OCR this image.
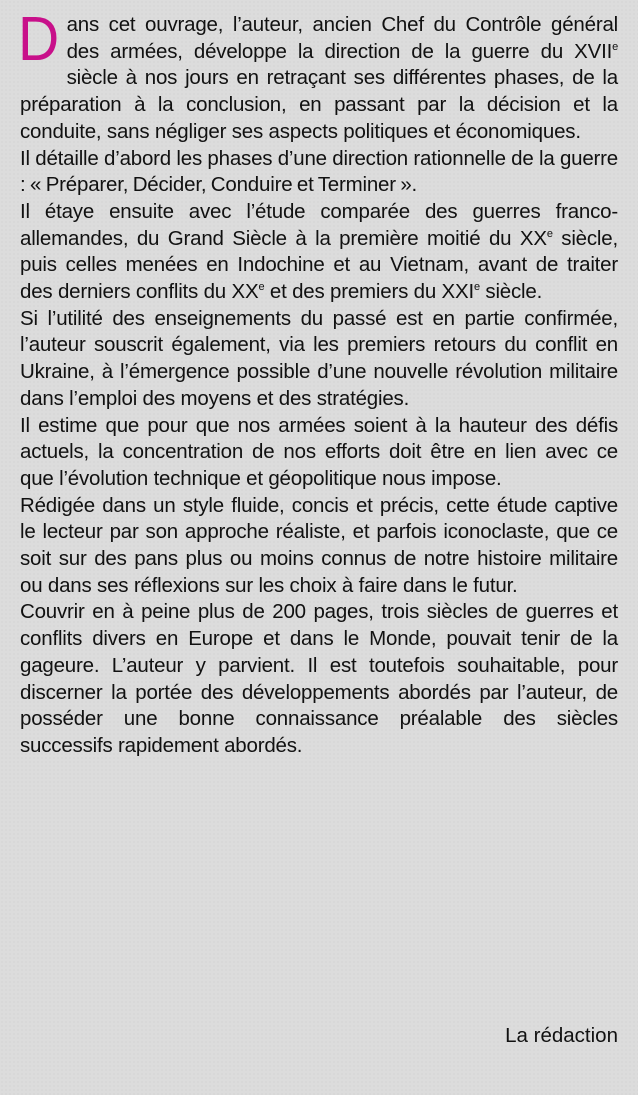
D ans cet ouvrage, l’auteur, ancien Chef du Contrôle général des armées, développe la direction de la guerre du XVIIe siècle à nos jours en retraçant ses différentes phases, de la préparation à la conclusion, en passant par la décision et la conduite, sans négliger ses aspects politiques et économiques.

Il détaille d’abord les phases d’une direction rationnelle de la guerre : « Préparer, Décider, Conduire et Terminer ».

Il étaye ensuite avec l’étude comparée des guerres franco-allemandes, du Grand Siècle à la première moitié du XXe siècle, puis celles menées en Indochine et au Vietnam, avant de traiter des derniers conflits du XXe et des premiers du XXIe siècle.

Si l’utilité des enseignements du passé est en partie confirmée, l’auteur souscrit également, via les premiers retours du conflit en Ukraine, à l’émergence possible d’une nouvelle révolution militaire dans l’emploi des moyens et des stratégies.

Il estime que pour que nos armées soient à la hauteur des défis actuels, la concentration de nos efforts doit être en lien avec ce que l’évolution technique et géopolitique nous impose.

Rédigée dans un style fluide, concis et précis, cette étude captive le lecteur par son approche réaliste, et parfois iconoclaste, que ce soit sur des pans plus ou moins connus de notre histoire militaire ou dans ses réflexions sur les choix à faire dans le futur.

Couvrir en à peine plus de 200 pages, trois siècles de guerres et conflits divers en Europe et dans le Monde, pouvait tenir de la gageure. L’auteur y parvient. Il est toutefois souhaitable, pour discerner la portée des développements abordés par l’auteur, de posséder une bonne connaissance préalable des siècles successifs rapidement abordés.

La rédaction
